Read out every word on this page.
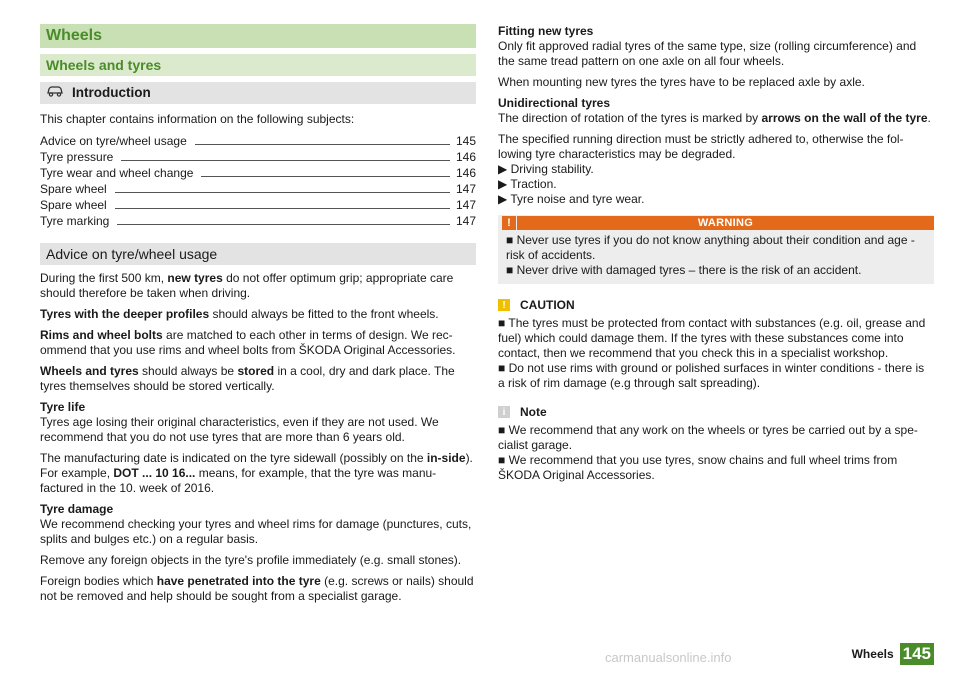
Wheels
Wheels and tyres
Introduction

This chapter contains information on the following subjects:

Advice on tyre/wheel usage	145
Tyre pressure	146
Tyre wear and wheel change	146
Spare wheel	147
Spare wheel	147
Tyre marking	147
Advice on tyre/wheel usage

During the first 500 km, new tyres do not offer optimum grip; appropriate care should therefore be taken when driving.

Tyres with the deeper profiles should always be fitted to the front wheels.

Rims and wheel bolts are matched to each other in terms of design. We rec-ommend that you use rims and wheel bolts from ŠKODA Original Accessories.

Wheels and tyres should always be stored in a cool, dry and dark place. The tyres themselves should be stored vertically.

Tyre life
Tyres age losing their original characteristics, even if they are not used. We recommend that you do not use tyres that are more than 6 years old.

The manufacturing date is indicated on the tyre sidewall (possibly on the in-side). For example, DOT ... 10 16... means, for example, that the tyre was manu-factured in the 10. week of 2016.

Tyre damage
We recommend checking your tyres and wheel rims for damage (punctures, cuts, splits and bulges etc.) on a regular basis.

Remove any foreign objects in the tyre's profile immediately (e.g. small stones).

Foreign bodies which have penetrated into the tyre (e.g. screws or nails) should not be removed and help should be sought from a specialist garage.

Fitting new tyres
Only fit approved radial tyres of the same type, size (rolling circumference) and the same tread pattern on one axle on all four wheels.

When mounting new tyres the tyres have to be replaced axle by axle.

Unidirectional tyres
The direction of rotation of the tyres is marked by arrows on the wall of the tyre.

The specified running direction must be strictly adhered to, otherwise the fol-lowing tyre characteristics may be degraded.

▶ Driving stability.

▶ Traction.

▶ Tyre noise and tyre wear.

!	WARNING

■ Never use tyres if you do not know anything about their condition and age - risk of accidents.

■ Never drive with damaged tyres – there is the risk of an accident.

!	CAUTION

■ The tyres must be protected from contact with substances (e.g. oil, grease and fuel) which could damage them. If the tyres with these substances come into contact, then we recommend that you check this in a specialist workshop.

■ Do not use rims with ground or polished surfaces in winter conditions - there is a risk of rim damage (e.g through salt spreading).

i	Note

■ We recommend that any work on the wheels or tyres be carried out by a spe-cialist garage.

■ We recommend that you use tyres, snow chains and full wheel trims from ŠKODA Original Accessories.

carmanualsonline.info	Wheels 145
